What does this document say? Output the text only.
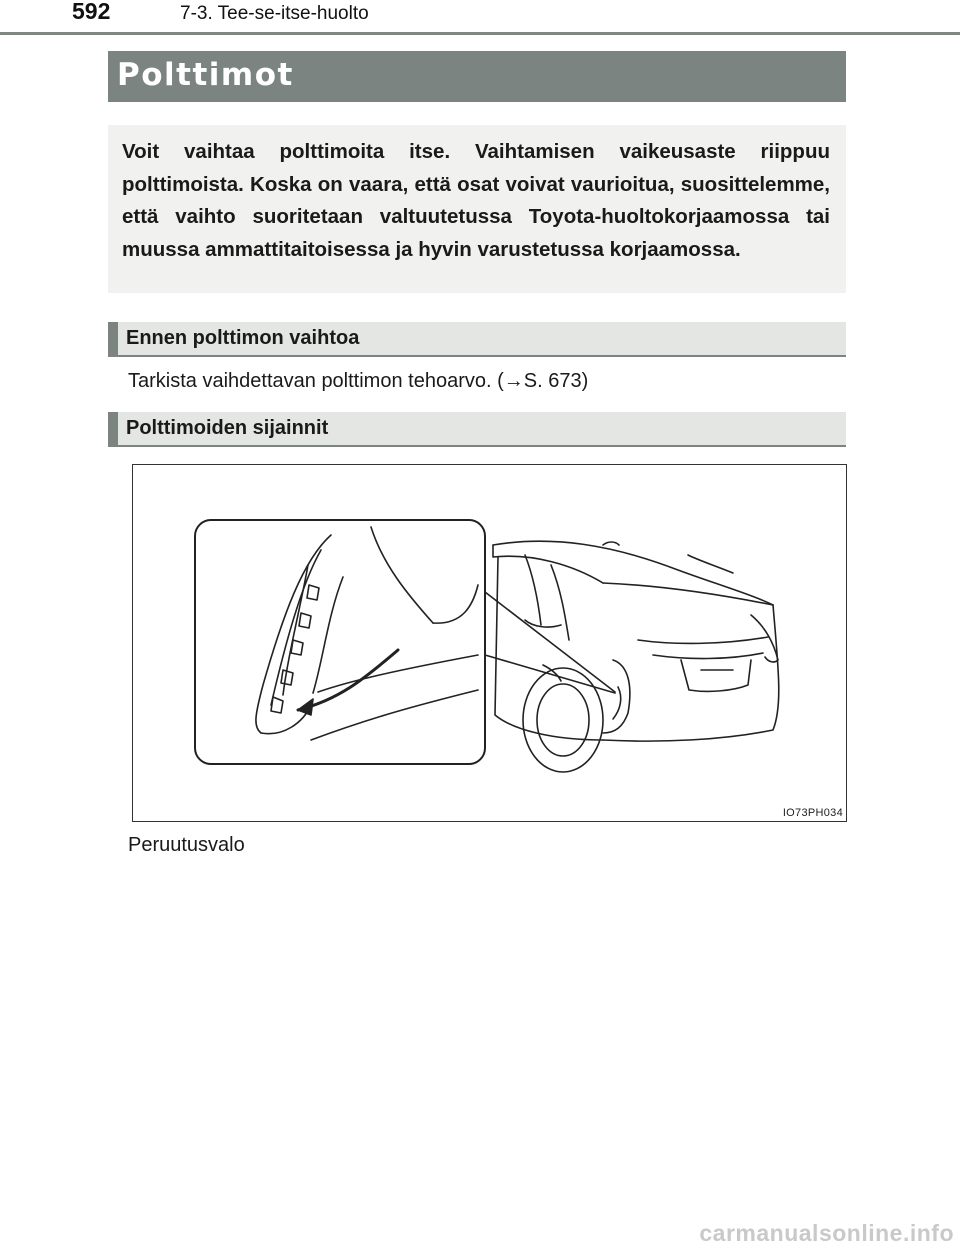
592	7-3. Tee-se-itse-huolto
Polttimot
Voit vaihtaa polttimoita itse. Vaihtamisen vaikeusaste riippuu polttimoista. Koska on vaara, että osat voivat vaurioitua, suosittelemme, että vaihto suoritetaan valtuutetussa Toyota-huoltokorjaamossa tai muussa ammattitaitoisessa ja hyvin varustetussa korjaamossa.
Ennen polttimon vaihtoa
Tarkista vaihdettavan polttimon tehoarvo. (→S. 673)
Polttimoiden sijainnit
IO73PH034
Peruutusvalo
carmanualsonline.info
